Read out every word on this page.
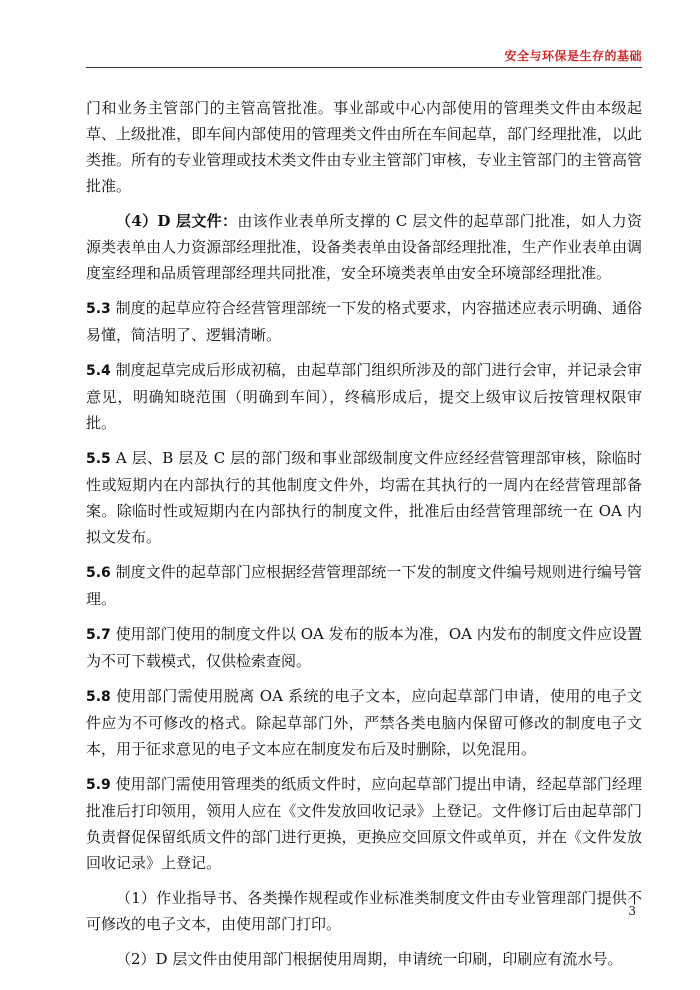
安全与环保是生存的基础

门和业务主管部门的主管高管批准。事业部或中心内部使用的管理类文件由本级起草、上级批准，即车间内部使用的管理类文件由所在车间起草，部门经理批准，以此类推。所有的专业管理或技术类文件由专业主管部门审核，专业主管部门的主管高管批准。

（4）D 层文件：由该作业表单所支撑的 C 层文件的起草部门批准，如人力资源类表单由人力资源部经理批准，设备类表单由设备部经理批准，生产作业表单由调度室经理和品质管理部经理共同批准，安全环境类表单由安全环境部经理批准。

5.3 制度的起草应符合经营管理部统一下发的格式要求，内容描述应表示明确、通俗易懂，简洁明了、逻辑清晰。

5.4 制度起草完成后形成初稿，由起草部门组织所涉及的部门进行会审，并记录会审意见，明确知晓范围（明确到车间），终稿形成后，提交上级审议后按管理权限审批。

5.5 A 层、B 层及 C 层的部门级和事业部级制度文件应经经营管理部审核，除临时性或短期内在内部执行的其他制度文件外，均需在其执行的一周内在经营管理部备案。除临时性或短期内在内部执行的制度文件，批准后由经营管理部统一在 OA 内拟文发布。

5.6 制度文件的起草部门应根据经营管理部统一下发的制度文件编号规则进行编号管理。

5.7 使用部门使用的制度文件以 OA 发布的版本为准，OA 内发布的制度文件应设置为不可下载模式，仅供检索查阅。

5.8 使用部门需使用脱离 OA 系统的电子文本，应向起草部门申请，使用的电子文件应为不可修改的格式。除起草部门外，严禁各类电脑内保留可修改的制度电子文本，用于征求意见的电子文本应在制度发布后及时删除，以免混用。

5.9 使用部门需使用管理类的纸质文件时，应向起草部门提出申请，经起草部门经理批准后打印领用，领用人应在《文件发放回收记录》上登记。文件修订后由起草部门负责督促保留纸质文件的部门进行更换，更换应交回原文件或单页，并在《文件发放回收记录》上登记。

（1）作业指导书、各类操作规程或作业标准类制度文件由专业管理部门提供不可修改的电子文本，由使用部门打印。

（2）D 层文件由使用部门根据使用周期，申请统一印刷，印刷应有流水号。

3
